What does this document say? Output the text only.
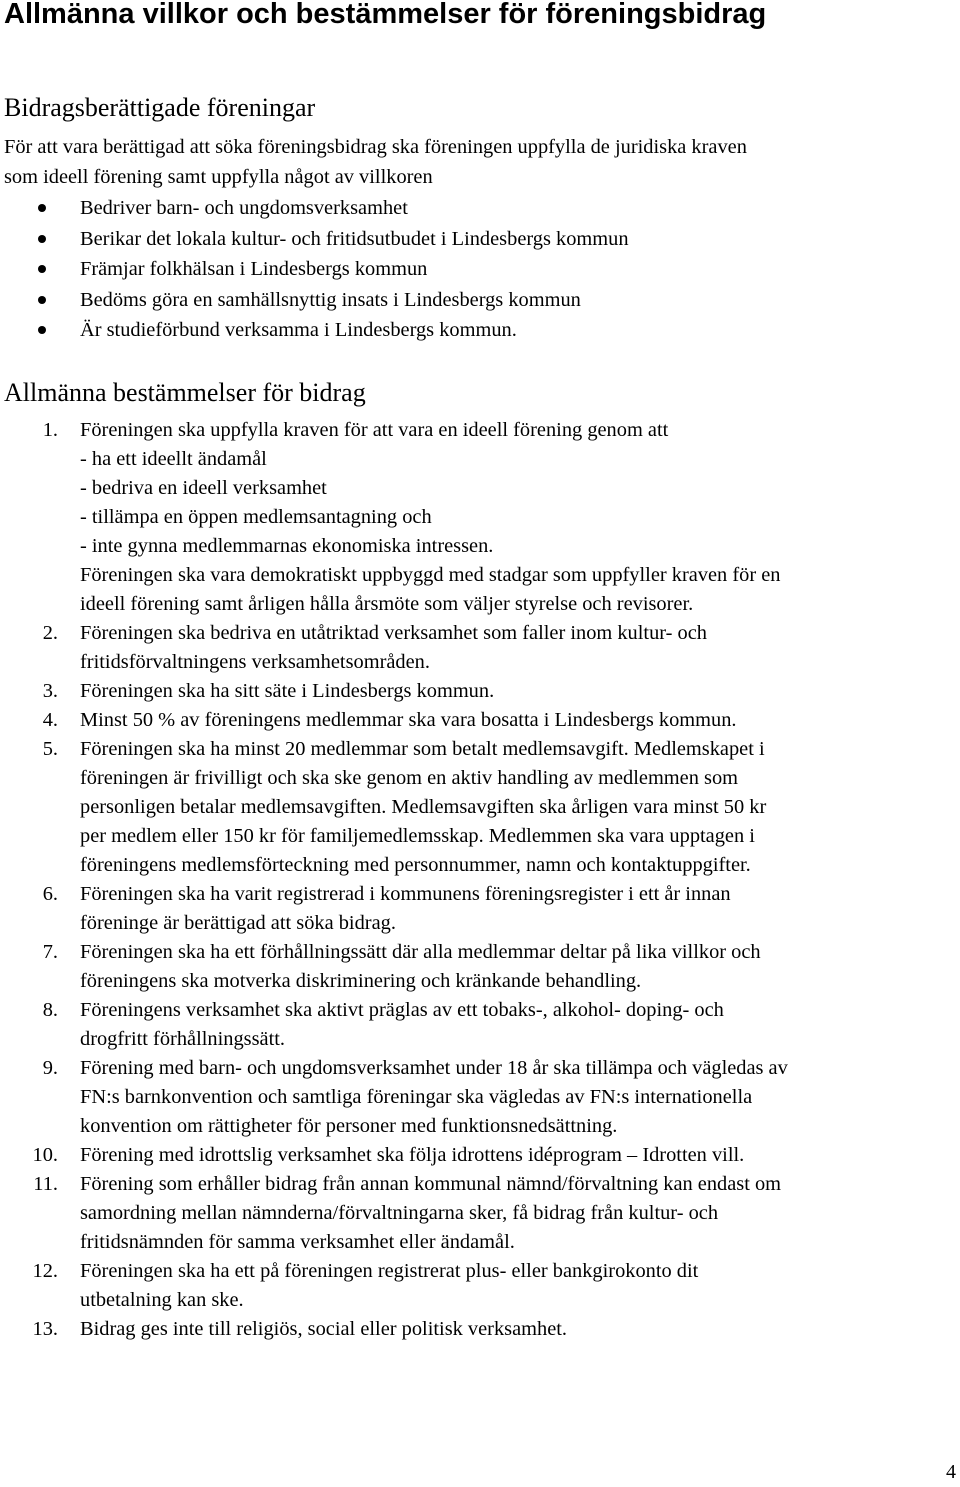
Allmänna villkor och bestämmelser för föreningsbidrag
Bidragsberättigade föreningar

För att vara berättigad att söka föreningsbidrag ska föreningen uppfylla de juridiska kraven
som ideell förening samt uppfylla något av villkoren

Bedriver barn- och ungdomsverksamhet
Berikar det lokala kultur- och fritidsutbudet i Lindesbergs kommun
Främjar folkhälsan i Lindesbergs kommun
Bedöms göra en samhällsnyttig insats i Lindesbergs kommun
Är studieförbund verksamma i Lindesbergs kommun.
Allmänna bestämmelser för bidrag
1. Föreningen ska uppfylla kraven för att vara en ideell förening genom att
- ha ett ideellt ändamål
- bedriva en ideell verksamhet
- tillämpa en öppen medlemsantagning och
- inte gynna medlemmarnas ekonomiska intressen.
Föreningen ska vara demokratiskt uppbyggd med stadgar som uppfyller kraven för en
ideell förening samt årligen hålla årsmöte som väljer styrelse och revisorer.
2. Föreningen ska bedriva en utåtriktad verksamhet som faller inom kultur- och
fritidsförvaltningens verksamhetsområden.
3. Föreningen ska ha sitt säte i Lindesbergs kommun.
4. Minst 50 % av föreningens medlemmar ska vara bosatta i Lindesbergs kommun.
5. Föreningen ska ha minst 20 medlemmar som betalt medlemsavgift. Medlemskapet i
föreningen är frivilligt och ska ske genom en aktiv handling av medlemmen som
personligen betalar medlemsavgiften. Medlemsavgiften ska årligen vara minst 50 kr
per medlem eller 150 kr för familjemedlemsskap. Medlemmen ska vara upptagen i
föreningens medlemsförteckning med personnummer, namn och kontaktuppgifter.
6. Föreningen ska ha varit registrerad i kommunens föreningsregister i ett år innan
föreninge är berättigad att söka bidrag.
7. Föreningen ska ha ett förhållningssätt där alla medlemmar deltar på lika villkor och
föreningens ska motverka diskriminering och kränkande behandling.
8. Föreningens verksamhet ska aktivt präglas av ett tobaks-, alkohol- doping- och
drogfritt förhållningssätt.
9. Förening med barn- och ungdomsverksamhet under 18 år ska tillämpa och vägledas av
FN:s barnkonvention och samtliga föreningar ska vägledas av FN:s internationella
konvention om rättigheter för personer med funktionsnedsättning.
10. Förening med idrottslig verksamhet ska följa idrottens idéprogram – Idrotten vill.
11. Förening som erhåller bidrag från annan kommunal nämnd/förvaltning kan endast om
samordning mellan nämnderna/förvaltningarna sker, få bidrag från kultur- och
fritidsnämnden för samma verksamhet eller ändamål.
12. Föreningen ska ha ett på föreningen registrerat plus- eller bankgirokonto dit
utbetalning kan ske.
13. Bidrag ges inte till religiös, social eller politisk verksamhet.
4
